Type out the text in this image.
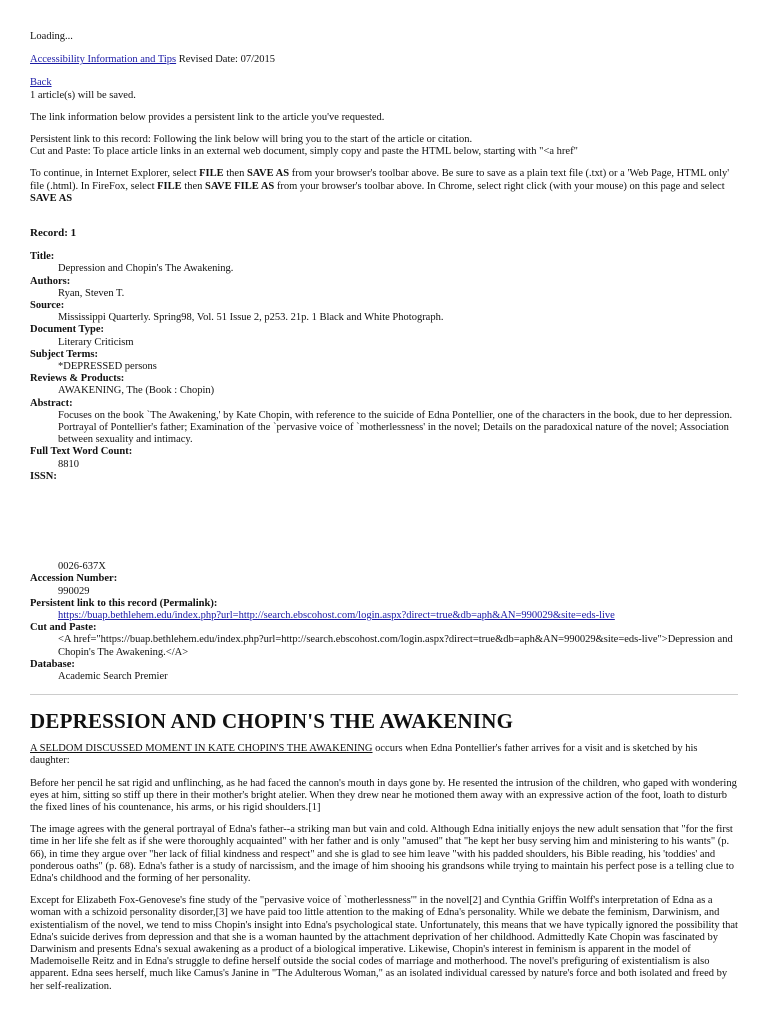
Loading...
Accessibility Information and Tips Revised Date: 07/2015
Back
1 article(s) will be saved.
The link information below provides a persistent link to the article you've requested.
Persistent link to this record: Following the link below will bring you to the start of the article or citation.
Cut and Paste: To place article links in an external web document, simply copy and paste the HTML below, starting with "<a href"
To continue, in Internet Explorer, select FILE then SAVE AS from your browser's toolbar above. Be sure to save as a plain text file (.txt) or a 'Web Page, HTML only' file (.html). In FireFox, select FILE then SAVE FILE AS from your browser's toolbar above. In Chrome, select right click (with your mouse) on this page and select SAVE AS
Record: 1
Title:
Depression and Chopin's The Awakening.
Authors:
Ryan, Steven T.
Source:
Mississippi Quarterly. Spring98, Vol. 51 Issue 2, p253. 21p. 1 Black and White Photograph.
Document Type:
Literary Criticism
Subject Terms:
*DEPRESSED persons
Reviews & Products:
AWAKENING, The (Book : Chopin)
Abstract:
Focuses on the book `The Awakening,' by Kate Chopin, with reference to the suicide of Edna Pontellier, one of the characters in the book, due to her depression. Portrayal of Pontellier's father; Examination of the `pervasive voice of `motherlessness' in the novel; Details on the paradoxical nature of the novel; Association between sexuality and intimacy.
Full Text Word Count:
8810
ISSN:
0026-637X
Accession Number:
990029
Persistent link to this record (Permalink):
https://buap.bethlehem.edu/index.php?url=http://search.ebscohost.com/login.aspx?direct=true&db=aph&AN=990029&site=eds-live
Cut and Paste:
<A href="https://buap.bethlehem.edu/index.php?url=http://search.ebscohost.com/login.aspx?direct=true&db=aph&AN=990029&site=eds-live">Depression and Chopin's The Awakening.</A>
Database:
Academic Search Premier
DEPRESSION AND CHOPIN'S THE AWAKENING

A SELDOM DISCUSSED MOMENT IN KATE CHOPIN'S THE AWAKENING occurs when Edna Pontellier's father arrives for a visit and is sketched by his daughter:

Before her pencil he sat rigid and unflinching, as he had faced the cannon's mouth in days gone by. He resented the intrusion of the children, who gaped with wondering eyes at him, sitting so stiff up there in their mother's bright atelier. When they drew near he motioned them away with an expressive action of the foot, loath to disturb the fixed lines of his countenance, his arms, or his rigid shoulders.[1]

The image agrees with the general portrayal of Edna's father--a striking man but vain and cold. Although Edna initially enjoys the new adult sensation that "for the first time in her life she felt as if she were thoroughly acquainted" with her father and is only "amused" that "he kept her busy serving him and ministering to his wants" (p. 66), in time they argue over "her lack of filial kindness and respect" and she is glad to see him leave "with his padded shoulders, his Bible reading, his 'toddies' and ponderous oaths" (p. 68). Edna's father is a study of narcissism, and the image of him shooing his grandsons while trying to maintain his perfect pose is a telling clue to Edna's childhood and the forming of her personality.

Except for Elizabeth Fox-Genovese's fine study of the "pervasive voice of `motherlessness'" in the novel[2] and Cynthia Griffin Wolff's interpretation of Edna as a woman with a schizoid personality disorder,[3] we have paid too little attention to the making of Edna's personality. While we debate the feminism, Darwinism, and existentialism of the novel, we tend to miss Chopin's insight into Edna's psychological state. Unfortunately, this means that we have typically ignored the possibility that Edna's suicide derives from depression and that she is a woman haunted by the attachment deprivation of her childhood. Admittedly Kate Chopin was fascinated by Darwinism and presents Edna's sexual awakening as a product of a biological imperative. Likewise, Chopin's interest in feminism is apparent in the model of Mademoiselle Reitz and in Edna's struggle to define herself outside the social codes of marriage and motherhood. The novel's prefiguring of existentialism is also apparent. Edna sees herself, much like Camus's Janine in "The Adulterous Woman," as an isolated individual caressed by nature's force and both isolated and freed by her self-realization.
